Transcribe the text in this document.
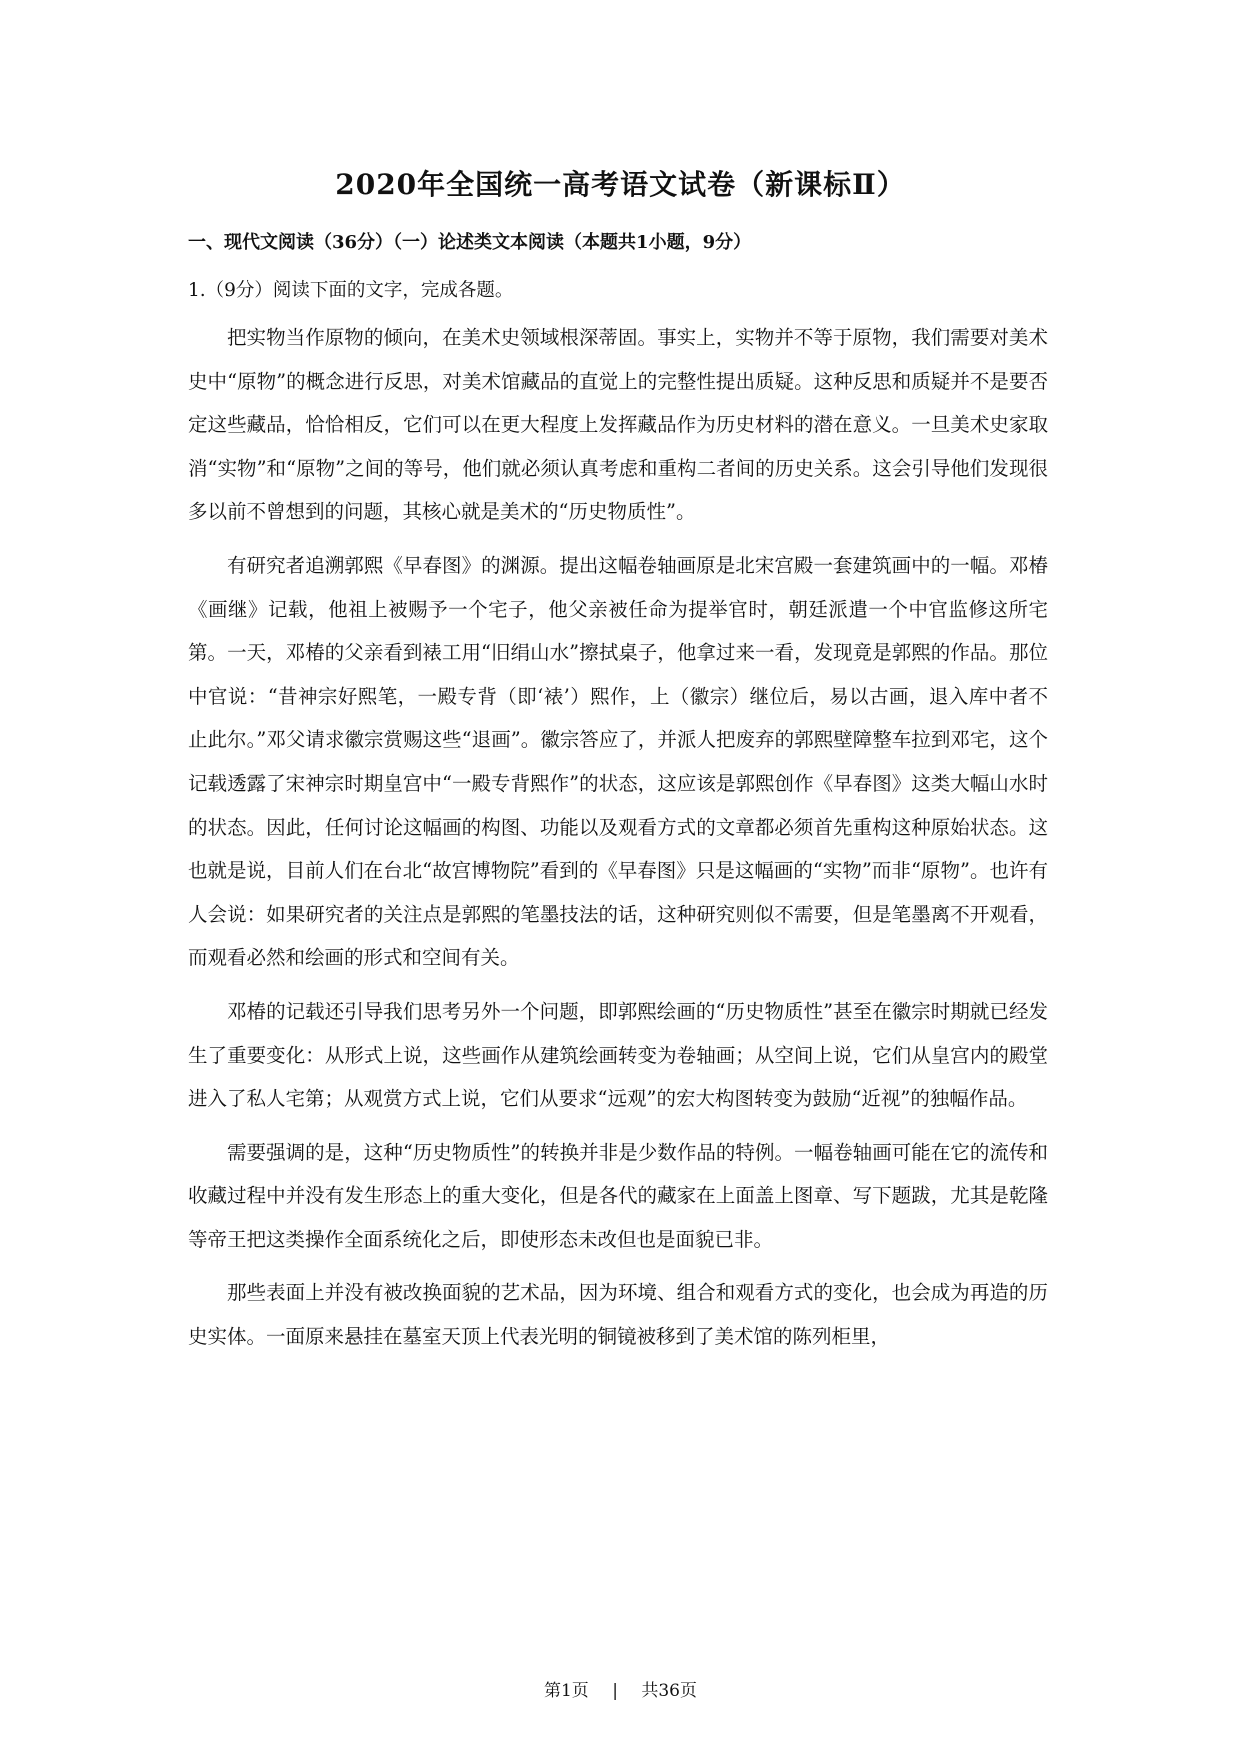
2020年全国统一高考语文试卷（新课标Ⅱ）
一、现代文阅读（36分）（一）论述类文本阅读（本题共1小题，9分）
1.（9分）阅读下面的文字，完成各题。

把实物当作原物的倾向，在美术史领域根深蒂固。事实上，实物并不等于原物，我们需要对美术史中“原物”的概念进行反思，对美术馆藏品的直觉上的完整性提出质疑。这种反思和质疑并不是要否定这些藏品，恰恰相反，它们可以在更大程度上发挥藏品作为历史材料的潜在意义。一旦美术史家取消“实物”和“原物”之间的等号，他们就必须认真考虑和重构二者间的历史关系。这会引导他们发现很多以前不曾想到的问题，其核心就是美术的“历史物质性”。

有研究者追溯郭熙《早春图》的渊源。提出这幅卷轴画原是北宋宫殿一套建筑画中的一幅。邓椿《画继》记载，他祖上被赐予一个宅子，他父亲被任命为提举官时，朝廷派遣一个中官监修这所宅第。一天，邓椿的父亲看到裱工用“旧绢山水”擦拭桌子，他拿过来一看，发现竟是郭熙的作品。那位中官说：“昔神宗好熙笔，一殿专背（即‘裱’）熙作，上（徽宗）继位后，易以古画，退入库中者不止此尔。”邓父请求徽宗赏赐这些“退画”。徽宗答应了，并派人把废弃的郭熙壁障整车拉到邓宅，这个记载透露了宋神宗时期皇宫中“一殿专背熙作”的状态，这应该是郭熙创作《早春图》这类大幅山水时的状态。因此，任何讨论这幅画的构图、功能以及观看方式的文章都必须首先重构这种原始状态。这也就是说，目前人们在台北“故宫博物院”看到的《早春图》只是这幅画的“实物”而非“原物”。也许有人会说：如果研究者的关注点是郭熙的笔墨技法的话，这种研究则似不需要，但是笔墨离不开观看，而观看必然和绘画的形式和空间有关。

邓椿的记载还引导我们思考另外一个问题，即郭熙绘画的“历史物质性”甚至在徽宗时期就已经发生了重要变化：从形式上说，这些画作从建筑绘画转变为卷轴画；从空间上说，它们从皇宫内的殿堂进入了私人宅第；从观赏方式上说，它们从要求“远观”的宏大构图转变为鼓励“近视”的独幅作品。

需要强调的是，这种“历史物质性”的转换并非是少数作品的特例。一幅卷轴画可能在它的流传和收藏过程中并没有发生形态上的重大变化，但是各代的藏家在上面盖上图章、写下题跋，尤其是乾隆等帝王把这类操作全面系统化之后，即使形态未改但也是面貌已非。

那些表面上并没有被改换面貌的艺术品，因为环境、组合和观看方式的变化，也会成为再造的历史实体。一面原来悬挂在墓室天顶上代表光明的铜镜被移到了美术馆的陈列柜里，

第1页 | 共36页
